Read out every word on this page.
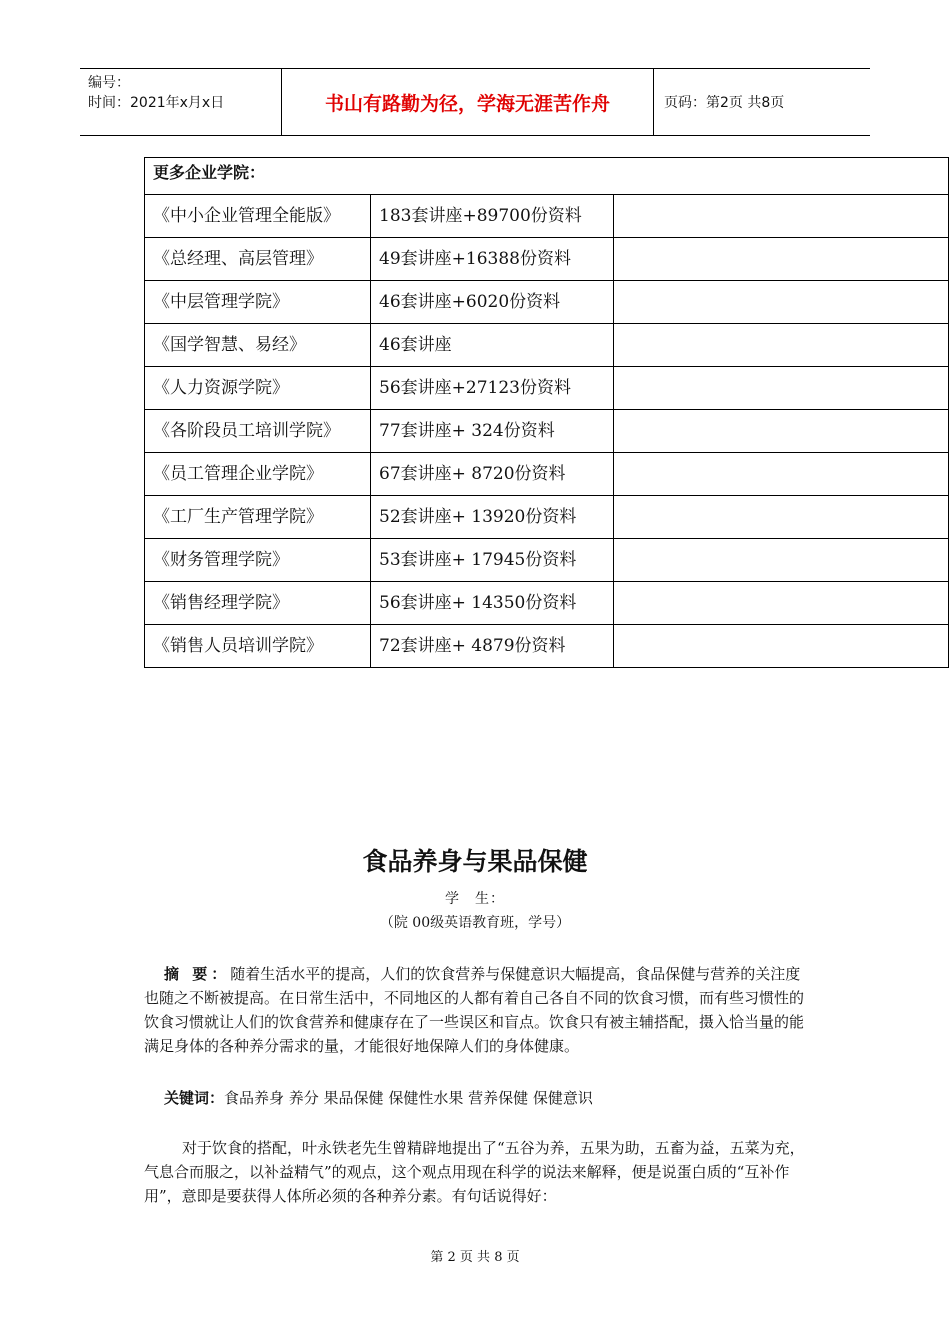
编号：
时间：2021年x月x日	书山有路勤为径，学海无涯苦作舟	页码：第2页 共8页
更多企业学院：		
《中小企业管理全能版》	183套讲座+89700份资料	
《总经理、高层管理》	49套讲座+16388份资料	
《中层管理学院》	46套讲座+6020份资料	
《国学智慧、易经》	46套讲座	
《人力资源学院》	56套讲座+27123份资料	
《各阶段员工培训学院》	77套讲座+ 324份资料	
《员工管理企业学院》	67套讲座+ 8720份资料	
《工厂生产管理学院》	52套讲座+ 13920份资料	
《财务管理学院》	53套讲座+ 17945份资料	
《销售经理学院》	56套讲座+ 14350份资料	
《销售人员培训学院》	72套讲座+ 4879份资料	
食品养身与果品保健
学　生：
（院 00级英语教育班，学号）
摘 要：随着生活水平的提高，人们的饮食营养与保健意识大幅提高，食品保健与营养的关注度也随之不断被提高。在日常生活中，不同地区的人都有着自己各自不同的饮食习惯，而有些习惯性的饮食习惯就让人们的饮食营养和健康存在了一些误区和盲点。饮食只有被主辅搭配，摄入恰当量的能满足身体的各种养分需求的量，才能很好地保障人们的身体健康。
关键词：食品养身 养分 果品保健 保健性水果 营养保健 保健意识
对于饮食的搭配，叶永铁老先生曾精辟地提出了“五谷为养，五果为助，五畜为益，五菜为充，气息合而服之，以补益精气”的观点，这个观点用现在科学的说法来解释，便是说蛋白质的“互补作用”，意即是要获得人体所必须的各种养分素。有句话说得好：
第 2 页 共 8 页
